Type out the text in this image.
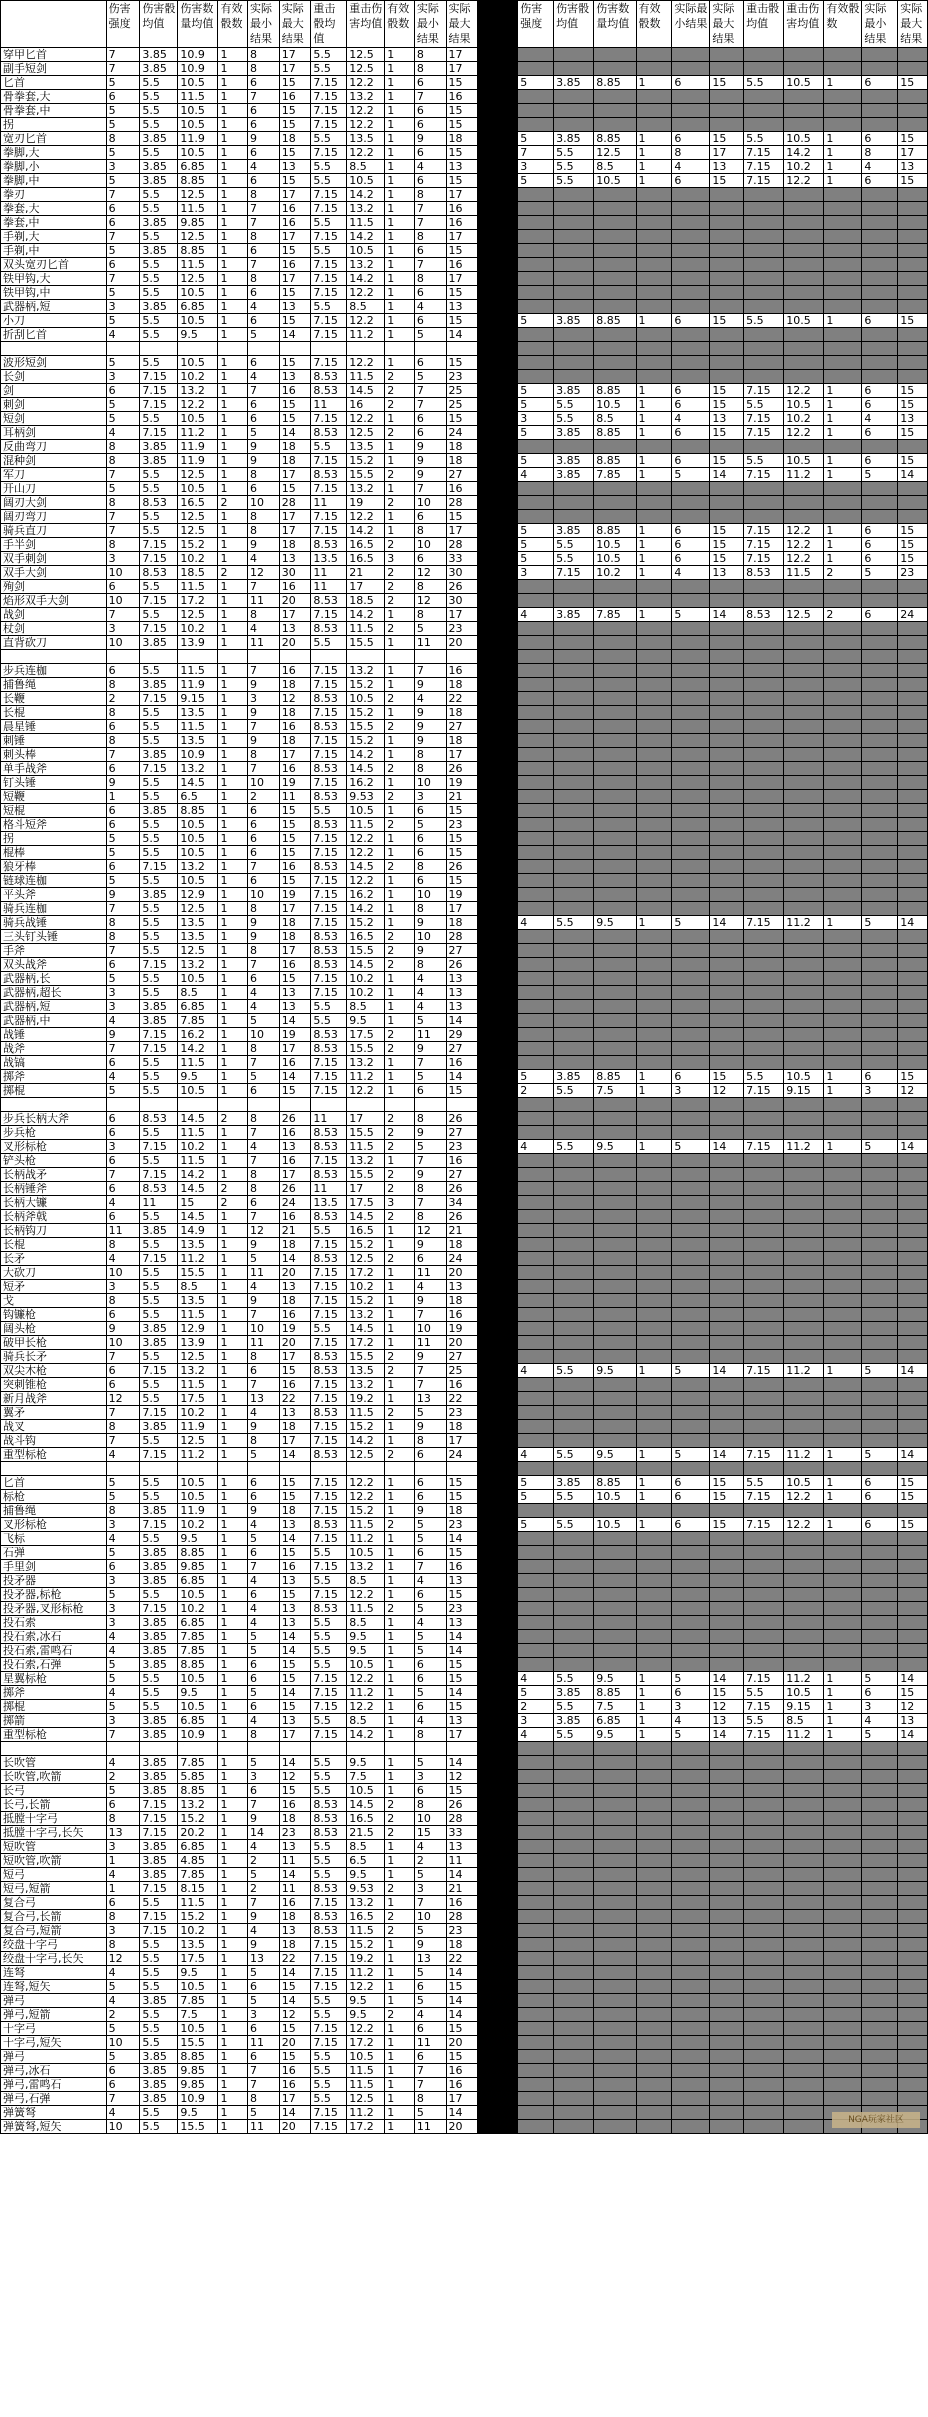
	伤害强度	伤害骰均值	伤害数量均值	有效骰数	实际最小结果	实际最大结果	重击骰均值	重击伤害均值	有效骰数	实际最小结果	实际最大结果		伤害强度	伤害骰均值	伤害数量均值	有效骰数	实际最小结果	实际最大结果	重击骰均值	重击伤害均值	有效骰数	实际最小结果	实际最大结果
穿甲匕首	7	3.85	10.9	1	8	17	5.5	12.5	1	8	17												
副手短剑	7	3.85	10.9	1	8	17	5.5	12.5	1	8	17												
匕首	5	5.5	10.5	1	6	15	7.15	12.2	1	6	15		5	3.85	8.85	1	6	15	5.5	10.5	1	6	15
骨拳套,大	6	5.5	11.5	1	7	16	7.15	13.2	1	7	16												
骨拳套,中	5	5.5	10.5	1	6	15	7.15	12.2	1	6	15												
拐	5	5.5	10.5	1	6	15	7.15	12.2	1	6	15												
宽刃匕首	8	3.85	11.9	1	9	18	5.5	13.5	1	9	18		5	3.85	8.85	1	6	15	5.5	10.5	1	6	15
拳脚,大	5	5.5	10.5	1	6	15	7.15	12.2	1	6	15		7	5.5	12.5	1	8	17	7.15	14.2	1	8	17
拳脚,小	3	3.85	6.85	1	4	13	5.5	8.5	1	4	13		3	5.5	8.5	1	4	13	7.15	10.2	1	4	13
拳脚,中	5	3.85	8.85	1	6	15	5.5	10.5	1	6	15		5	5.5	10.5	1	6	15	7.15	12.2	1	6	15
拳刃	7	5.5	12.5	1	8	17	7.15	14.2	1	8	17												
拳套,大	6	5.5	11.5	1	7	16	7.15	13.2	1	7	16												
拳套,中	6	3.85	9.85	1	7	16	5.5	11.5	1	7	16												
手剃,大	7	5.5	12.5	1	8	17	7.15	14.2	1	8	17												
手剃,中	5	3.85	8.85	1	6	15	5.5	10.5	1	6	15												
双头宽刃匕首	6	5.5	11.5	1	7	16	7.15	13.2	1	7	16												
铁甲钩,大	7	5.5	12.5	1	8	17	7.15	14.2	1	8	17												
铁甲钩,中	5	5.5	10.5	1	6	15	7.15	12.2	1	6	15												
武器柄,短	3	3.85	6.85	1	4	13	5.5	8.5	1	4	13												
小刀	5	5.5	10.5	1	6	15	7.15	12.2	1	6	15		5	3.85	8.85	1	6	15	5.5	10.5	1	6	15
折刮匕首	4	5.5	9.5	1	5	14	7.15	11.2	1	5	14												

波形短剑	5	5.5	10.5	1	6	15	7.15	12.2	1	6	15												
长剑	3	7.15	10.2	1	4	13	8.53	11.5	2	5	23												
剑	6	7.15	13.2	1	7	16	8.53	14.5	2	7	25		5	3.85	8.85	1	6	15	7.15	12.2	1	6	15
刺剑	5	7.15	12.2	1	6	15	11	16	2	7	25		5	5.5	10.5	1	6	15	5.5	10.5	1	6	15
短剑	5	5.5	10.5	1	6	15	7.15	12.2	1	6	15		3	5.5	8.5	1	4	13	7.15	10.2	1	4	13
耳柄剑	4	7.15	11.2	1	5	14	8.53	12.5	2	6	24		5	3.85	8.85	1	6	15	7.15	12.2	1	6	15
反曲弯刀	8	3.85	11.9	1	9	18	5.5	13.5	1	9	18												
混种剑	8	3.85	11.9	1	9	18	7.15	15.2	1	9	18		5	3.85	8.85	1	6	15	5.5	10.5	1	6	15
军刀	7	5.5	12.5	1	8	17	8.53	15.5	2	9	27		4	3.85	7.85	1	5	14	7.15	11.2	1	5	14
开山刀	5	5.5	10.5	1	6	15	7.15	13.2	1	7	16												
阔刃大剑	8	8.53	16.5	2	10	28	11	19	2	10	28												
阔刃弯刀	7	5.5	12.5	1	8	17	7.15	12.2	1	6	15												
骑兵直刀	7	5.5	12.5	1	8	17	7.15	14.2	1	8	17		5	3.85	8.85	1	6	15	7.15	12.2	1	6	15
手半剑	8	7.15	15.2	1	9	18	8.53	16.5	2	10	28		5	5.5	10.5	1	6	15	7.15	12.2	1	6	15
双手刺剑	3	7.15	10.2	1	4	13	13.5	16.5	3	6	33		5	5.5	10.5	1	6	15	7.15	12.2	1	6	15
双手大剑	10	8.53	18.5	2	12	30	11	21	2	12	30		3	7.15	10.2	1	4	13	8.53	11.5	2	5	23
殉剑	6	5.5	11.5	1	7	16	11	17	2	8	26												
焰形双手大剑	10	7.15	17.2	1	11	20	8.53	18.5	2	12	30												
战剑	7	5.5	12.5	1	8	17	7.15	14.2	1	8	17		4	3.85	7.85	1	5	14	8.53	12.5	2	6	24
杖剑	3	7.15	10.2	1	4	13	8.53	11.5	2	5	23												
直背砍刀	10	3.85	13.9	1	11	20	5.5	15.5	1	11	20												

步兵连枷	6	5.5	11.5	1	7	16	7.15	13.2	1	7	16												
捕鲁绳	8	3.85	11.9	1	9	18	7.15	15.2	1	9	18												
长鞭	2	7.15	9.15	1	3	12	8.53	10.5	2	4	22												
长棍	8	5.5	13.5	1	9	18	7.15	15.2	1	9	18												
晨星锤	6	5.5	11.5	1	7	16	8.53	15.5	2	9	27												
刺锤	8	5.5	13.5	1	9	18	7.15	15.2	1	9	18												
刺头棒	7	3.85	10.9	1	8	17	7.15	14.2	1	8	17												
单手战斧	6	7.15	13.2	1	7	16	8.53	14.5	2	8	26												
钉头锤	9	5.5	14.5	1	10	19	7.15	16.2	1	10	19												
短鞭	1	5.5	6.5	1	2	11	8.53	9.53	2	3	21												
短棍	6	3.85	8.85	1	6	15	5.5	10.5	1	6	15												
格斗短斧	6	5.5	10.5	1	6	15	8.53	11.5	2	5	23												
拐	5	5.5	10.5	1	6	15	7.15	12.2	1	6	15												
棍棒	5	5.5	10.5	1	6	15	7.15	12.2	1	6	15												
狼牙棒	6	7.15	13.2	1	7	16	8.53	14.5	2	8	26												
链球连枷	5	5.5	10.5	1	6	15	7.15	12.2	1	6	15												
平头斧	9	3.85	12.9	1	10	19	7.15	16.2	1	10	19												
骑兵连枷	7	5.5	12.5	1	8	17	7.15	14.2	1	8	17												
骑兵战锤	8	5.5	13.5	1	9	18	7.15	15.2	1	9	18		4	5.5	9.5	1	5	14	7.15	11.2	1	5	14
三头钉头锤	8	5.5	13.5	1	9	18	8.53	16.5	2	10	28												
手斧	7	5.5	12.5	1	8	17	8.53	15.5	2	9	27												
双头战斧	6	7.15	13.2	1	7	16	8.53	14.5	2	8	26												
武器柄,长	5	5.5	10.5	1	6	15	7.15	10.2	1	4	13												
武器柄,超长	3	5.5	8.5	1	4	13	7.15	10.2	1	4	13												
武器柄,短	3	3.85	6.85	1	4	13	5.5	8.5	1	4	13												
武器柄,中	4	3.85	7.85	1	5	14	5.5	9.5	1	5	14												
战锤	9	7.15	16.2	1	10	19	8.53	17.5	2	11	29												
战斧	7	7.15	14.2	1	8	17	8.53	15.5	2	9	27												
战镐	6	5.5	11.5	1	7	16	7.15	13.2	1	7	16												
掷斧	4	5.5	9.5	1	5	14	7.15	11.2	1	5	14		5	3.85	8.85	1	6	15	5.5	10.5	1	6	15
掷棍	5	5.5	10.5	1	6	15	7.15	12.2	1	6	15		2	5.5	7.5	1	3	12	7.15	9.15	1	3	12

步兵长柄大斧	6	8.53	14.5	2	8	26	11	17	2	8	26												
步兵枪	6	5.5	11.5	1	7	16	8.53	15.5	2	9	27												
叉形标枪	3	7.15	10.2	1	4	13	8.53	11.5	2	5	23		4	5.5	9.5	1	5	14	7.15	11.2	1	5	14
铲头枪	6	5.5	11.5	1	7	16	7.15	13.2	1	7	16												
长柄战矛	7	7.15	14.2	1	8	17	8.53	15.5	2	9	27												
长柄锤斧	6	8.53	14.5	2	8	26	11	17	2	8	26												
长柄大镰	4	11	15	2	6	24	13.5	17.5	3	7	34												
长柄斧戟	6	5.5	14.5	1	7	16	8.53	14.5	2	8	26												
长柄钩刀	11	3.85	14.9	1	12	21	5.5	16.5	1	12	21												
长棍	8	5.5	13.5	1	9	18	7.15	15.2	1	9	18												
长矛	4	7.15	11.2	1	5	14	8.53	12.5	2	6	24												
大砍刀	10	5.5	15.5	1	11	20	7.15	17.2	1	11	20												
短矛	3	5.5	8.5	1	4	13	7.15	10.2	1	4	13												
戈	8	5.5	13.5	1	9	18	7.15	15.2	1	9	18												
钩镰枪	6	5.5	11.5	1	7	16	7.15	13.2	1	7	16												
阔头枪	9	3.85	12.9	1	10	19	5.5	14.5	1	10	19												
破甲长枪	10	3.85	13.9	1	11	20	7.15	17.2	1	11	20												
骑兵长矛	7	5.5	12.5	1	8	17	8.53	15.5	2	9	27												
双尖木枪	6	7.15	13.2	1	6	15	8.53	13.5	2	7	25		4	5.5	9.5	1	5	14	7.15	11.2	1	5	14
突刺锥枪	6	5.5	11.5	1	7	16	7.15	13.2	1	7	16												
新月战斧	12	5.5	17.5	1	13	22	7.15	19.2	1	13	22												
翼矛	7	7.15	10.2	1	4	13	8.53	11.5	2	5	23												
战叉	8	3.85	11.9	1	9	18	7.15	15.2	1	9	18												
战斗钩	7	5.5	12.5	1	8	17	7.15	14.2	1	8	17												
重型标枪	4	7.15	11.2	1	5	14	8.53	12.5	2	6	24		4	5.5	9.5	1	5	14	7.15	11.2	1	5	14

匕首	5	5.5	10.5	1	6	15	7.15	12.2	1	6	15		5	3.85	8.85	1	6	15	5.5	10.5	1	6	15
标枪	5	5.5	10.5	1	6	15	7.15	12.2	1	6	15		5	5.5	10.5	1	6	15	7.15	12.2	1	6	15
捕鲁绳	8	3.85	11.9	1	9	18	7.15	15.2	1	9	18												
叉形标枪	3	7.15	10.2	1	4	13	8.53	11.5	2	5	23		5	5.5	10.5	1	6	15	7.15	12.2	1	6	15
飞标	4	5.5	9.5	1	5	14	7.15	11.2	1	5	14												
石弹	5	3.85	8.85	1	6	15	5.5	10.5	1	6	15												
手里剑	6	3.85	9.85	1	7	16	7.15	13.2	1	7	16												
投矛器	3	3.85	6.85	1	4	13	5.5	8.5	1	4	13												
投矛器,标枪	5	5.5	10.5	1	6	15	7.15	12.2	1	6	15												
投矛器,叉形标枪	3	7.15	10.2	1	4	13	8.53	11.5	2	5	23												
投石索	3	3.85	6.85	1	4	13	5.5	8.5	1	4	13												
投石索,冰石	4	3.85	7.85	1	5	14	5.5	9.5	1	5	14												
投石索,雷鸣石	4	3.85	7.85	1	5	14	5.5	9.5	1	5	14												
投石索,石弹	5	3.85	8.85	1	6	15	5.5	10.5	1	6	15												
星翼标枪	5	5.5	10.5	1	6	15	7.15	12.2	1	6	15		4	5.5	9.5	1	5	14	7.15	11.2	1	5	14
掷斧	4	5.5	9.5	1	5	14	7.15	11.2	1	5	14		5	3.85	8.85	1	6	15	5.5	10.5	1	6	15
掷棍	5	5.5	10.5	1	6	15	7.15	12.2	1	6	15		2	5.5	7.5	1	3	12	7.15	9.15	1	3	12
掷箭	3	3.85	6.85	1	4	13	5.5	8.5	1	4	13		3	3.85	6.85	1	4	13	5.5	8.5	1	4	13
重型标枪	7	3.85	10.9	1	8	17	7.15	14.2	1	8	17		4	5.5	9.5	1	5	14	7.15	11.2	1	5	14

长吹管	4	3.85	7.85	1	5	14	5.5	9.5	1	5	14												
长吹管,吹箭	2	3.85	5.85	1	3	12	5.5	7.5	1	3	12												
长弓	5	3.85	8.85	1	6	15	5.5	10.5	1	6	15												
长弓,长箭	6	7.15	13.2	1	7	16	8.53	14.5	2	8	26												
抵膛十字弓	8	7.15	15.2	1	9	18	8.53	16.5	2	10	28												
抵膛十字弓,长矢	13	7.15	20.2	1	14	23	8.53	21.5	2	15	33												
短吹管	3	3.85	6.85	1	4	13	5.5	8.5	1	4	13												
短吹管,吹箭	1	3.85	4.85	1	2	11	5.5	6.5	1	2	11												
短弓	4	3.85	7.85	1	5	14	5.5	9.5	1	5	14												
短弓,短箭	1	7.15	8.15	1	2	11	8.53	9.53	2	3	21												
复合弓	6	5.5	11.5	1	7	16	7.15	13.2	1	7	16												
复合弓,长箭	8	7.15	15.2	1	9	18	8.53	16.5	2	10	28												
复合弓,短箭	3	7.15	10.2	1	4	13	8.53	11.5	2	5	23												
绞盘十字弓	8	5.5	13.5	1	9	18	7.15	15.2	1	9	18												
绞盘十字弓,长矢	12	5.5	17.5	1	13	22	7.15	19.2	1	13	22												
连弩	4	5.5	9.5	1	5	14	7.15	11.2	1	5	14												
连弩,短矢	5	5.5	10.5	1	6	15	7.15	12.2	1	6	15												
弹弓	4	3.85	7.85	1	5	14	5.5	9.5	1	5	14												
弹弓,短箭	2	5.5	7.5	1	3	12	5.5	9.5	2	4	14												
十字弓	5	5.5	10.5	1	6	15	7.15	12.2	1	6	15												
十字弓,短矢	10	5.5	15.5	1	11	20	7.15	17.2	1	11	20												
弹弓	5	3.85	8.85	1	6	15	5.5	10.5	1	6	15												
弹弓,冰石	6	3.85	9.85	1	7	16	5.5	11.5	1	7	16												
弹弓,雷鸣石	6	3.85	9.85	1	7	16	5.5	11.5	1	7	16												
弹弓,石弹	7	3.85	10.9	1	8	17	5.5	12.5	1	8	17												
弹簧弩	4	5.5	9.5	1	5	14	7.15	11.2	1	5	14												
弹簧弩,短矢	10	5.5	15.5	1	11	20	7.15	17.2	1	11	20													NGA玩家社区
